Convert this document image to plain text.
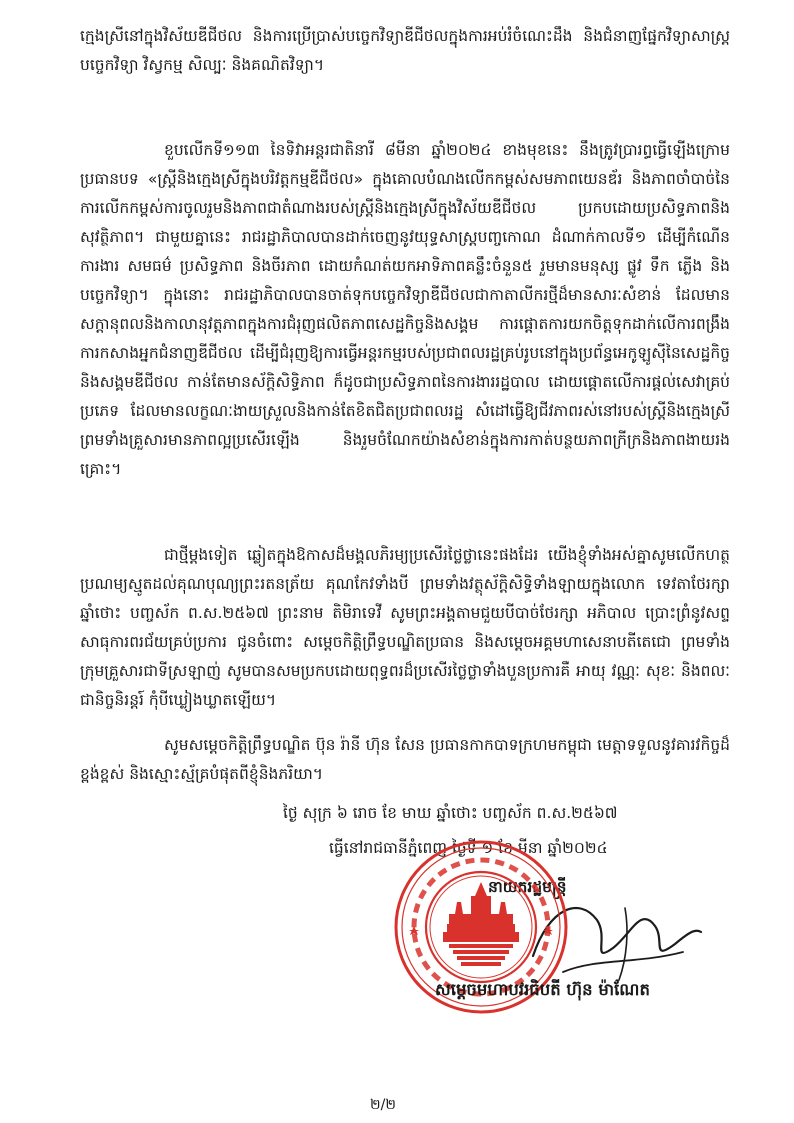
ក្មេងស្រីនៅក្នុងវិស័យឌីជីថល និងការប្រើប្រាស់បច្ចេកវិទ្យាឌីជីថលក្នុងការអប់រំចំណេះដឹង និងជំនាញផ្នែកវិទ្យាសាស្ត្រ បច្ចេកវិទ្យា វិស្វកម្ម សិល្បៈ និងគណិតវិទ្យា។

ខួបលើកទី១១៣ នៃទិវាអន្តរជាតិនារី ៨មីនា ឆ្នាំ២០២៤ ខាងមុខនេះ នឹងត្រូវប្រារព្ធធ្វើឡើងក្រោមប្រធានបទ «ស្ត្រីនិងក្មេងស្រីក្នុងបរិវត្តកម្មឌីជីថល» ក្នុងគោលបំណងលើកកម្ពស់សមភាពយេនឌ័រ និងភាពចាំបាច់នៃការលើកកម្ពស់ការចូលរួមនិងភាពជាតំណាងរបស់ស្ត្រីនិងក្មេងស្រីក្នុងវិស័យឌីជីថល ប្រកបដោយប្រសិទ្ធភាពនិងសុវត្ថិភាព។ ជាមួយគ្នានេះ រាជរដ្ឋាភិបាលបានដាក់ចេញនូវយុទ្ធសាស្ត្របញ្ចកោណ ដំណាក់កាលទី១ ដើម្បីកំណើនការងារ សមធម៌ ប្រសិទ្ធភាព និងចីរភាព ដោយកំណត់យកអាទិភាពគន្លឹះចំនួន៥ រួមមានមនុស្ស ផ្លូវ ទឹក ភ្លើង និងបច្ចេកវិទ្យា។ ក្នុងនោះ រាជរដ្ឋាភិបាលបានចាត់ទុកបច្ចេកវិទ្យាឌីជីថលជាកាតាលីករថ្មីដ៏មានសារៈសំខាន់ ដែលមានសក្តានុពលនិងកាលានុវត្តភាពក្នុងការជំរុញផលិតភាពសេដ្ឋកិច្ចនិងសង្គម ការផ្តោតការយកចិត្តទុកដាក់លើការពង្រឹងការកសាងអ្នកជំនាញឌីជីថល ដើម្បីជំរុញឱ្យការធ្វើអន្តរកម្មរបស់ប្រជាពលរដ្ឋគ្រប់រូបនៅក្នុងប្រព័ន្ធអេកូឡូស៊ីនៃសេដ្ឋកិច្ចនិងសង្គមឌីជីថល កាន់តែមានស័ក្តិសិទ្ធិភាព ក៏ដូចជាប្រសិទ្ធភាពនៃការងាររដ្ឋបាល ដោយផ្តោតលើការផ្តល់សេវាគ្រប់ប្រភេទ ដែលមានលក្ខណៈងាយស្រួលនិងកាន់តែខិតជិតប្រជាពលរដ្ឋ សំដៅធ្វើឱ្យជីវភាពរស់នៅរបស់ស្ត្រីនិងក្មេងស្រី ព្រមទាំងគ្រួសារមានភាពល្អប្រសើរឡើង និងរួមចំណែកយ៉ាងសំខាន់ក្នុងការកាត់បន្ថយភាពក្រីក្រនិងភាពងាយរងគ្រោះ។

ជាថ្មីម្តងទៀត ឆ្លៀតក្នុងឱកាសដ៏មង្គលភិរម្យប្រសើរថ្លៃថ្លានេះផងដែរ យើងខ្ញុំទាំងអស់គ្នាសូមលើកហត្ថប្រណម្យស្មូតដល់គុណបុណ្យព្រះរតនត្រ័យ គុណកែវទាំងបី ព្រមទាំងវត្ថុស័ក្តិសិទ្ធិទាំងឡាយក្នុងលោក ទេវតាថែរក្សាឆ្នាំថោះ បញ្ចស័ក ព.ស.២៥៦៧ ព្រះនាម តិមិរាទេវី សូមព្រះអង្គតាមជួយបីបាច់ថែរក្សា អភិបាល ប្រោះព្រំនូវសព្ទសាធុការពរជ័យគ្រប់ប្រការ ជូនចំពោះ សម្តេចកិត្តិព្រឹទ្ធបណ្ឌិតប្រធាន និងសម្តេចអគ្គមហាសេនាបតីតេជោ ព្រមទាំងក្រុមគ្រួសារជាទីស្រឡាញ់ សូមបានសមប្រកបដោយពុទ្ធពរដ៏ប្រសើរថ្លៃថ្លាទាំងបួនប្រការគឺ អាយុ វណ្ណៈ សុខៈ និងពលៈ ជានិច្ចនិរន្តរ៍ កុំបីឃ្លៀងឃ្លាតឡើយ។

សូមសម្តេចកិត្តិព្រឹទ្ធបណ្ឌិត ប៊ុន រ៉ានី ហ៊ុន សែន ប្រធានកាកបាទក្រហមកម្ពុជា មេត្តាទទួលនូវគារវកិច្ចដ៏ខ្ពង់ខ្ពស់ និងស្មោះស្ម័គ្របំផុតពីខ្ញុំនិងភរិយា។

ថ្ងៃ សុក្រ ៦ រោច ខែ មាឃ ឆ្នាំថោះ បញ្ចស័ក ព.ស.២៥៦៧
ធ្វើនៅរាជធានីភ្នំពេញ ថ្ងៃទី ១ ខែ មីនា ឆ្នាំ២០២៤
នាយករដ្ឋមន្ត្រី
សម្តេចមហាបវរធិបតី ហ៊ុន ម៉ាណែត
២/២
